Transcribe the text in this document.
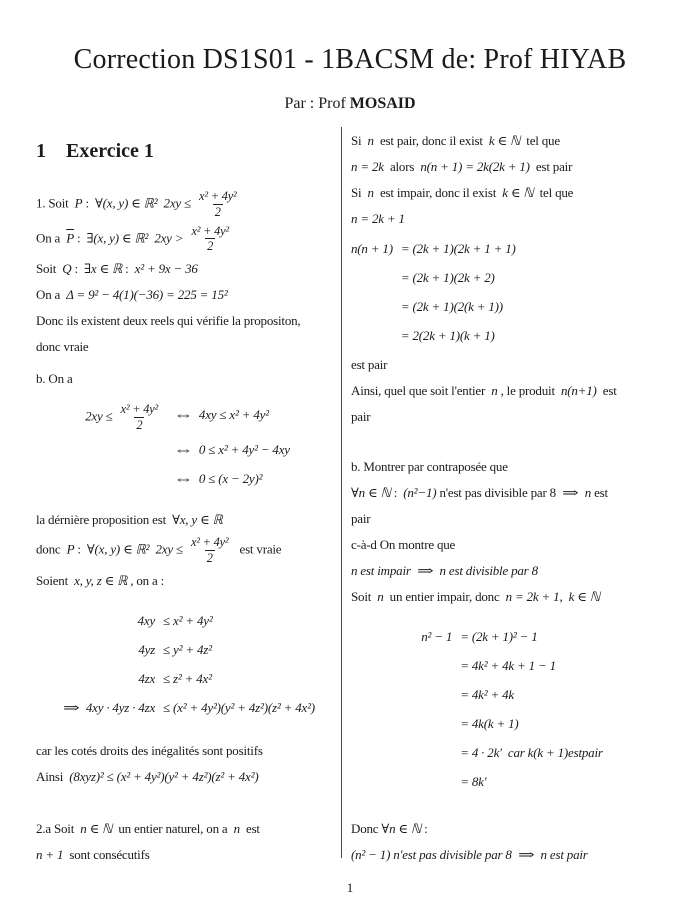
Correction DS1S01 - 1BACSM de: Prof HIYAB
Par : Prof MOSAID
1 Exercice 1
1. Soit  P :  ∀(x, y) ∈ ℝ² $2xy \le \frac{\text{x² + 4y²}}{2}$
On a  $\overline{P}$ :  ∃(x, y) ∈ ℝ² $2xy > \frac{\text{x² + 4y²}}{2}$
Soit  Q :  ∃x ∈ ℝ :  x² + 9x − 36
On a  Δ = 9² − 4(1)(−36) = 225 = 15²
Donc ils existent deux reels qui vérifie la propositon,
donc vraie
b. On a
$2xy \le \frac{\text{x² + 4y²}}{2}$ ⇔ 4xy ≤ x² + 4y²
⇔ 0 ≤ x² + 4y² − 4xy
⇔ 0 ≤ (x − 2y)²
la dérnière proposition est  ∀x, y ∈ ℝ
donc  P :  ∀(x, y) ∈ ℝ² $2xy \le \frac{\text{x² + 4y²}}{2}$ est vraie
Soient  x, y, z ∈ ℝ , on a :
4xy ≤ x² + 4y²
4yz ≤ y² + 4z²
4zx ≤ z² + 4x²
⇒ 4xy · 4yz · 4zx ≤ (x² + 4y²)(y² + 4z²)(z² + 4x²)
car les cotés droits des inégalités sont positifs
Ainsi  (8xyz)² ≤ (x² + 4y²)(y² + 4z²)(z² + 4x²)
2.a Soit  n ∈ ℕ  un entier naturel, on a  n  est
n + 1  sont consécutifs
Si  n  est pair, donc il exist  k ∈ ℕ  tel que
n = 2k  alors  n(n + 1) = 2k(2k + 1)  est pair
Si  n  est impair, donc il exist  k ∈ ℕ  tel que
n = 2k + 1
n(n + 1) = (2k + 1)(2k + 1 + 1)
= (2k + 1)(2k + 2)
= (2k + 1)(2(k + 1))
= 2(2k + 1)(k + 1)
est pair
Ainsi, quel que soit l'entier  n , le produit  n(n+1)  est
pair
b. Montrer par contraposée que
∀n ∈ ℕ :  (n²−1) n'est pas divisible par 8 ⇒ n est
pair
c-à-d On montre que
n est impair ⇒ n est divisible par 8
Soit  n  un entier impair, donc  n = 2k + 1,  k ∈ ℕ
n² − 1 = (2k + 1)² − 1
= 4k² + 4k + 1 − 1
= 4k² + 4k
= 4k(k + 1)
= 4 · 2k′  car k(k + 1)estpair
= 8k′
Donc ∀n ∈ ℕ :
(n² − 1) n′est pas divisible par 8 ⇒ n est pair
1
